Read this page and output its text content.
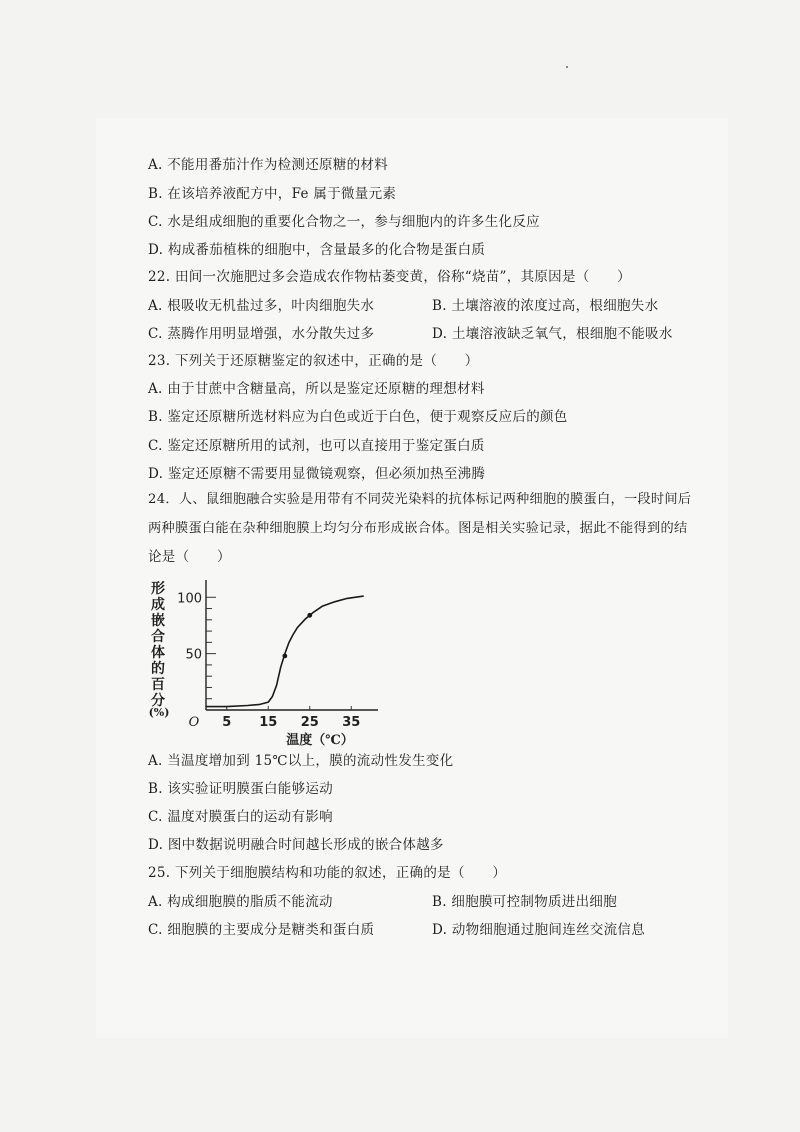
A. 不能用番茄汁作为检测还原糖的材料
B. 在该培养液配方中，Fe 属于微量元素
C. 水是组成细胞的重要化合物之一，参与细胞内的许多生化反应
D. 构成番茄植株的细胞中，含量最多的化合物是蛋白质
22. 田间一次施肥过多会造成农作物枯萎变黄，俗称“烧苗”，其原因是（　　）
A. 根吸收无机盐过多，叶肉细胞失水	B. 土壤溶液的浓度过高，根细胞失水
C. 蒸腾作用明显增强，水分散失过多	D. 土壤溶液缺乏氧气，根细胞不能吸水
23. 下列关于还原糖鉴定的叙述中，正确的是（　　）
A. 由于甘蔗中含糖量高，所以是鉴定还原糖的理想材料
B. 鉴定还原糖所选材料应为白色或近于白色，便于观察反应后的颜色
C. 鉴定还原糖所用的试剂，也可以直接用于鉴定蛋白质
D. 鉴定还原糖不需要用显微镜观察，但必须加热至沸腾
24．人、鼠细胞融合实验是用带有不同荧光染料的抗体标记两种细胞的膜蛋白，一段时间后
两种膜蛋白能在杂种细胞膜上均匀分布形成嵌合体。图是相关实验记录，据此不能得到的结
论是（　　）
形
成
嵌
合
体
的
百
分
(%)
50
100
5 15 25 35
O
温度（℃）
A. 当温度增加到 15℃以上，膜的流动性发生变化
B. 该实验证明膜蛋白能够运动
C. 温度对膜蛋白的运动有影响
D. 图中数据说明融合时间越长形成的嵌合体越多
25. 下列关于细胞膜结构和功能的叙述，正确的是（　　）
A. 构成细胞膜的脂质不能流动	B. 细胞膜可控制物质进出细胞
C. 细胞膜的主要成分是糖类和蛋白质	D. 动物细胞通过胞间连丝交流信息
